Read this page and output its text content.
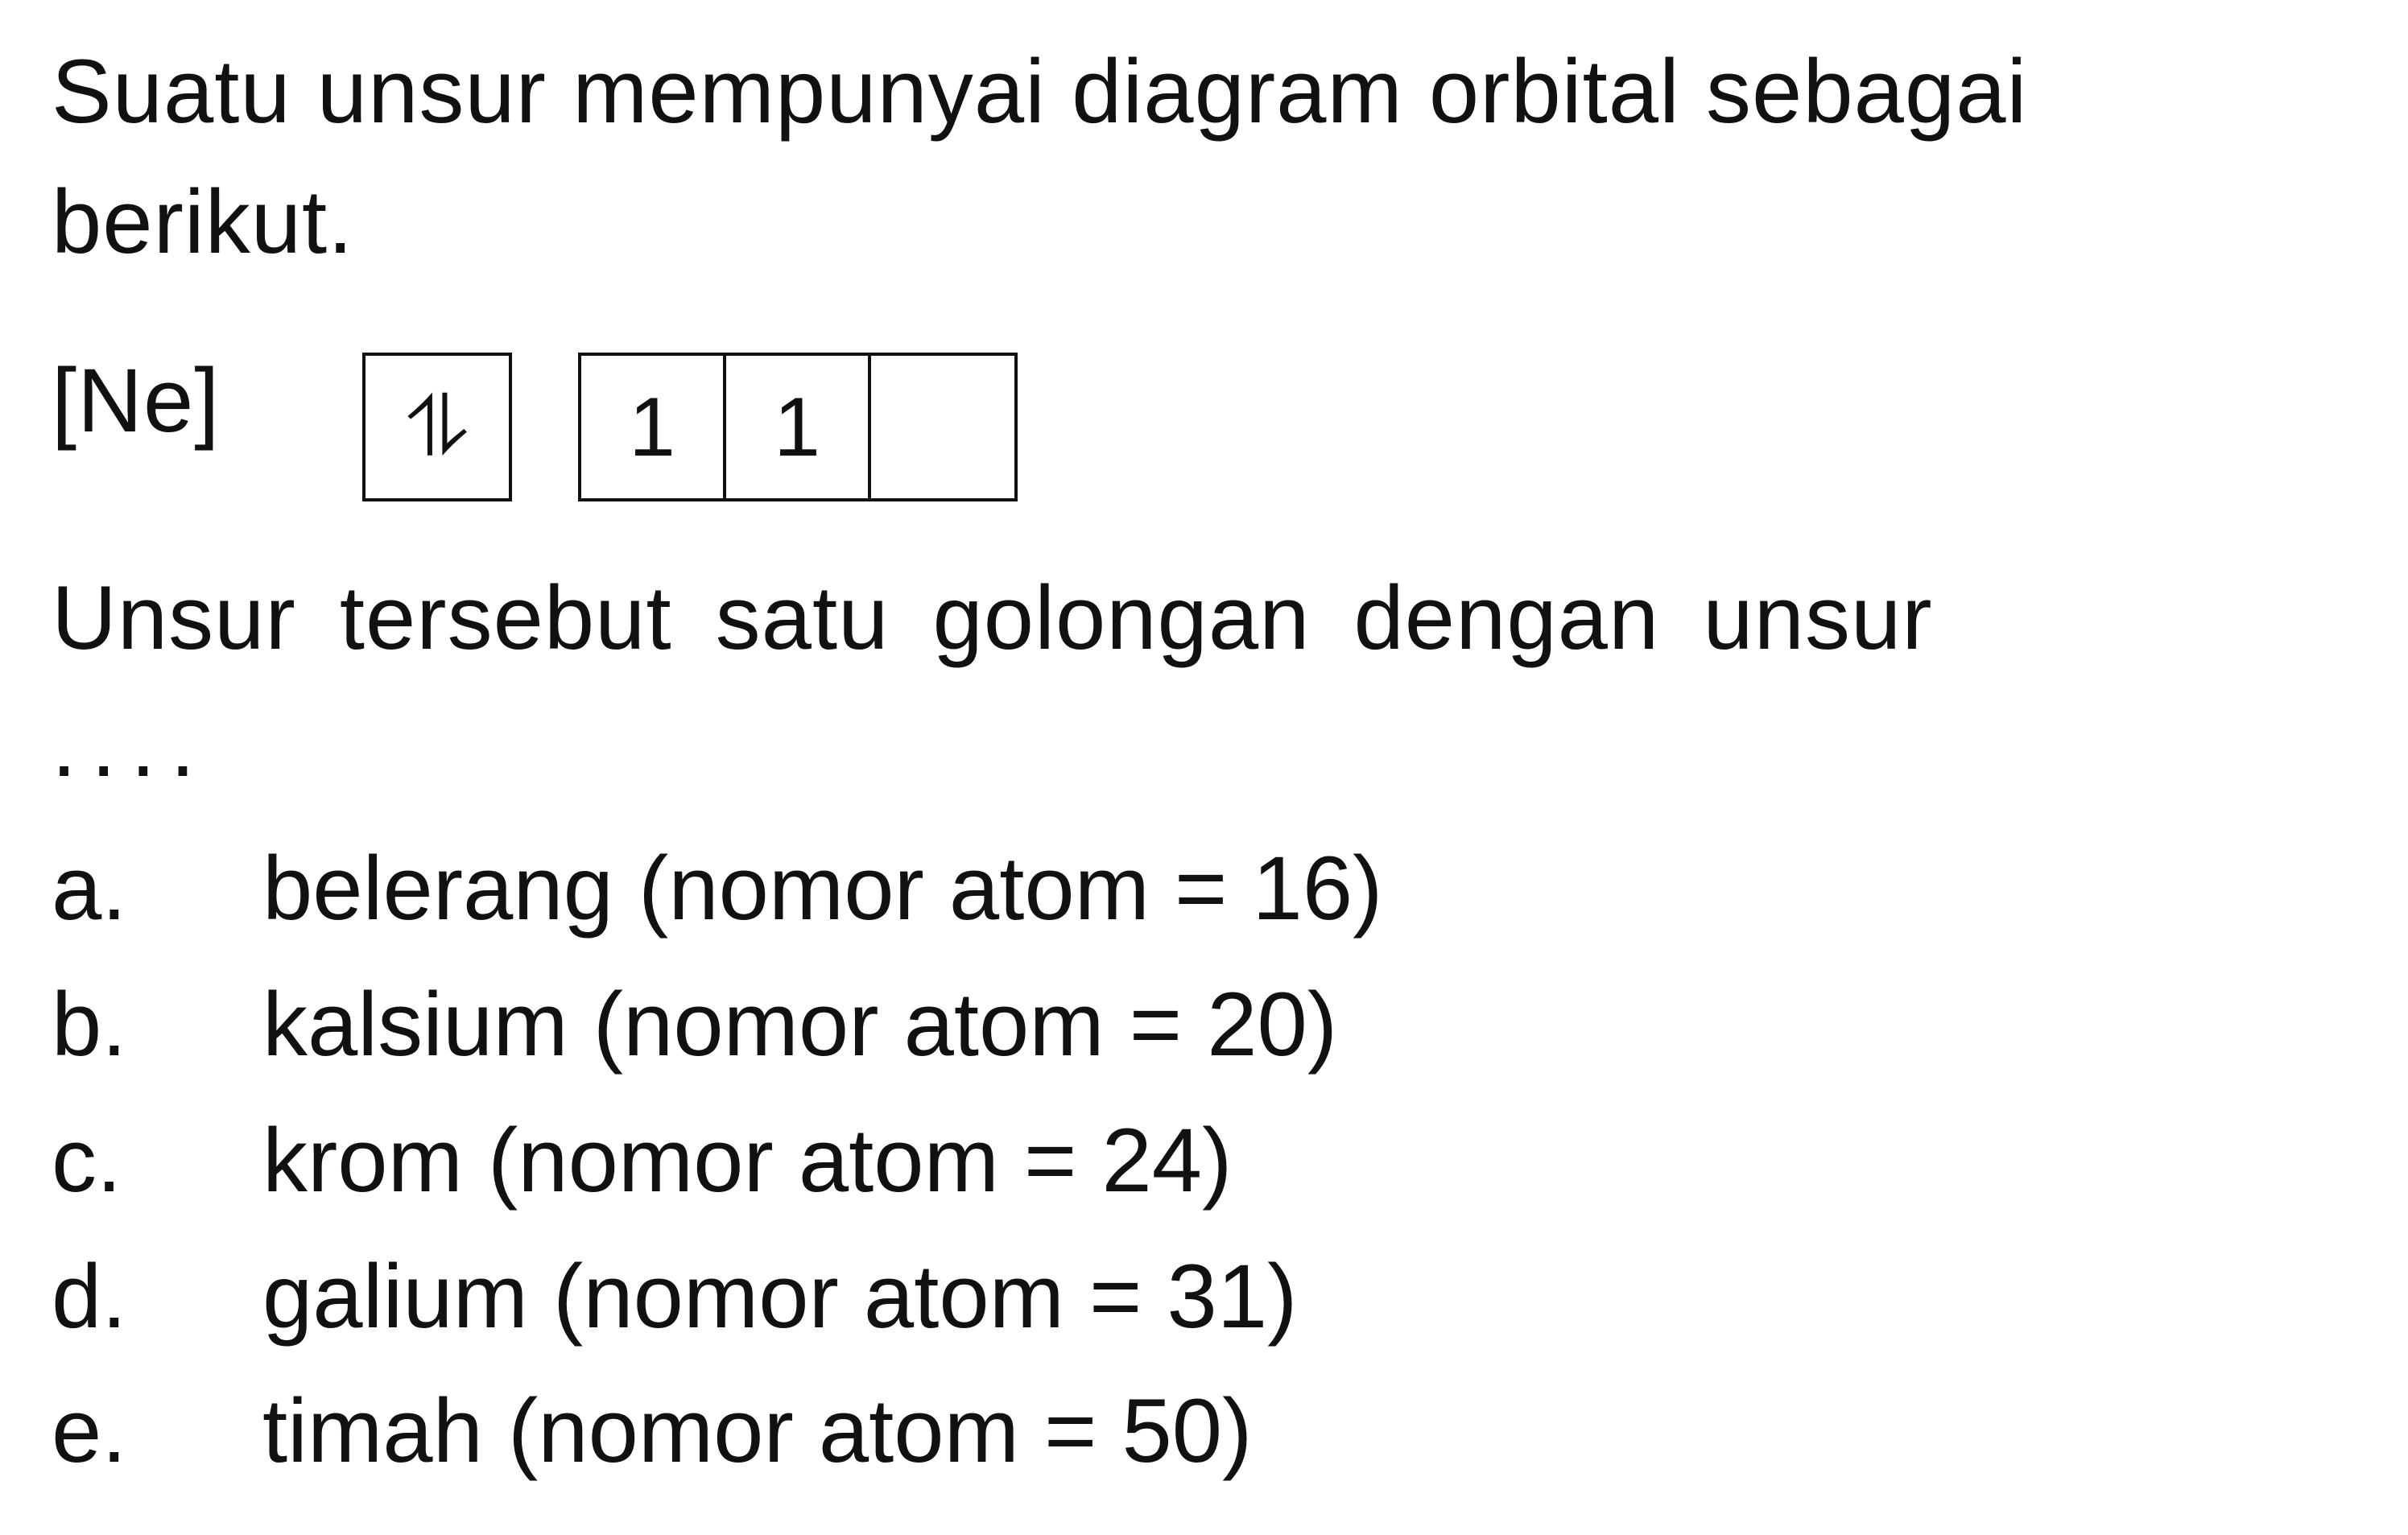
Suatu unsur mempunyai diagram orbital sebagai
berikut.
[Ne]	⥮	1	1
Unsur tersebut satu golongan dengan unsur
....
a. belerang (nomor atom = 16)
b. kalsium (nomor atom = 20)
c. krom (nomor atom = 24)
d. galium (nomor atom = 31)
e. timah (nomor atom = 50)
